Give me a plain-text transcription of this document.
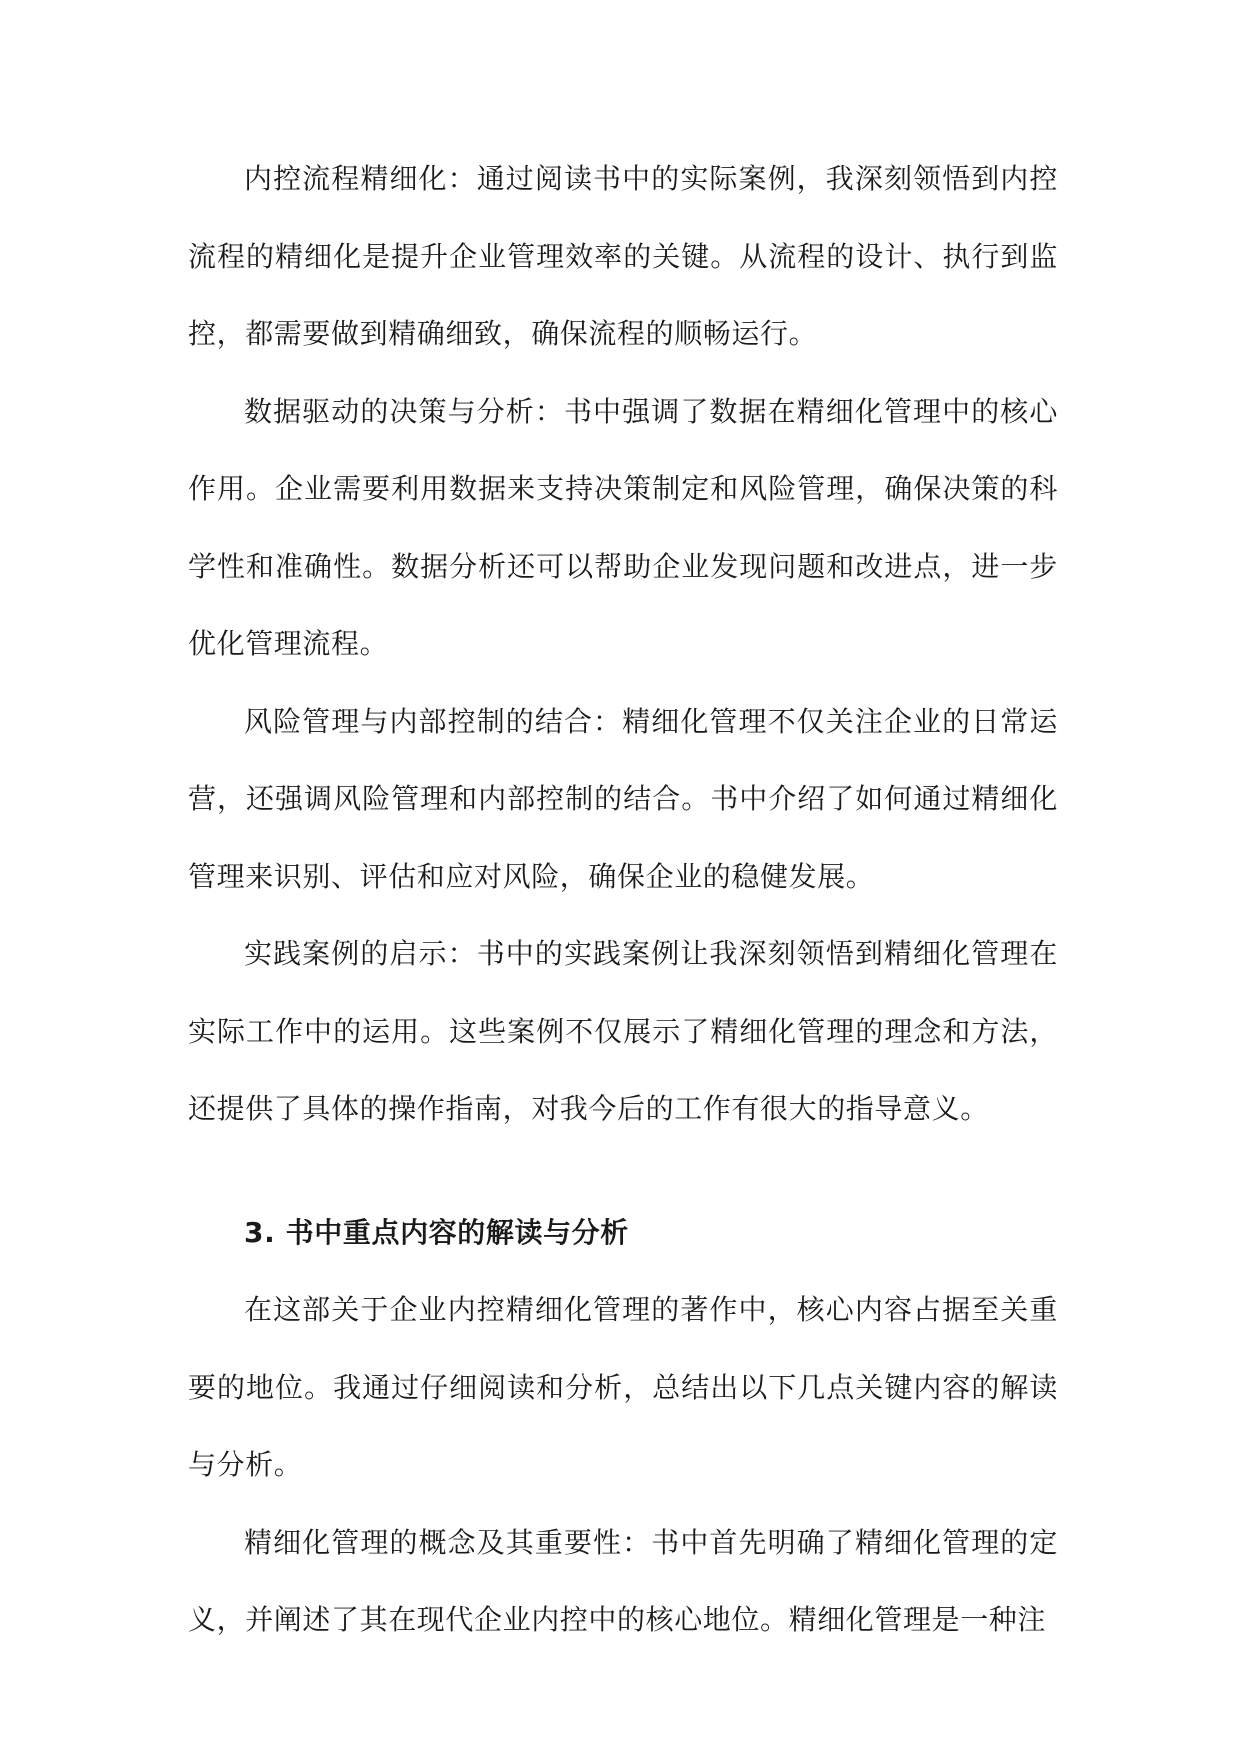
内控流程精细化：通过阅读书中的实际案例，我深刻领悟到内控流程的精细化是提升企业管理效率的关键。从流程的设计、执行到监控，都需要做到精确细致，确保流程的顺畅运行。

数据驱动的决策与分析：书中强调了数据在精细化管理中的核心作用。企业需要利用数据来支持决策制定和风险管理，确保决策的科学性和准确性。数据分析还可以帮助企业发现问题和改进点，进一步优化管理流程。

风险管理与内部控制的结合：精细化管理不仅关注企业的日常运营，还强调风险管理和内部控制的结合。书中介绍了如何通过精细化管理来识别、评估和应对风险，确保企业的稳健发展。

实践案例的启示：书中的实践案例让我深刻领悟到精细化管理在实际工作中的运用。这些案例不仅展示了精细化管理的理念和方法，还提供了具体的操作指南，对我今后的工作有很大的指导意义。

3. 书中重点内容的解读与分析

在这部关于企业内控精细化管理的著作中，核心内容占据至关重要的地位。我通过仔细阅读和分析，总结出以下几点关键内容的解读与分析。

精细化管理的概念及其重要性：书中首先明确了精细化管理的定义，并阐述了其在现代企业内控中的核心地位。精细化管理是一种注
